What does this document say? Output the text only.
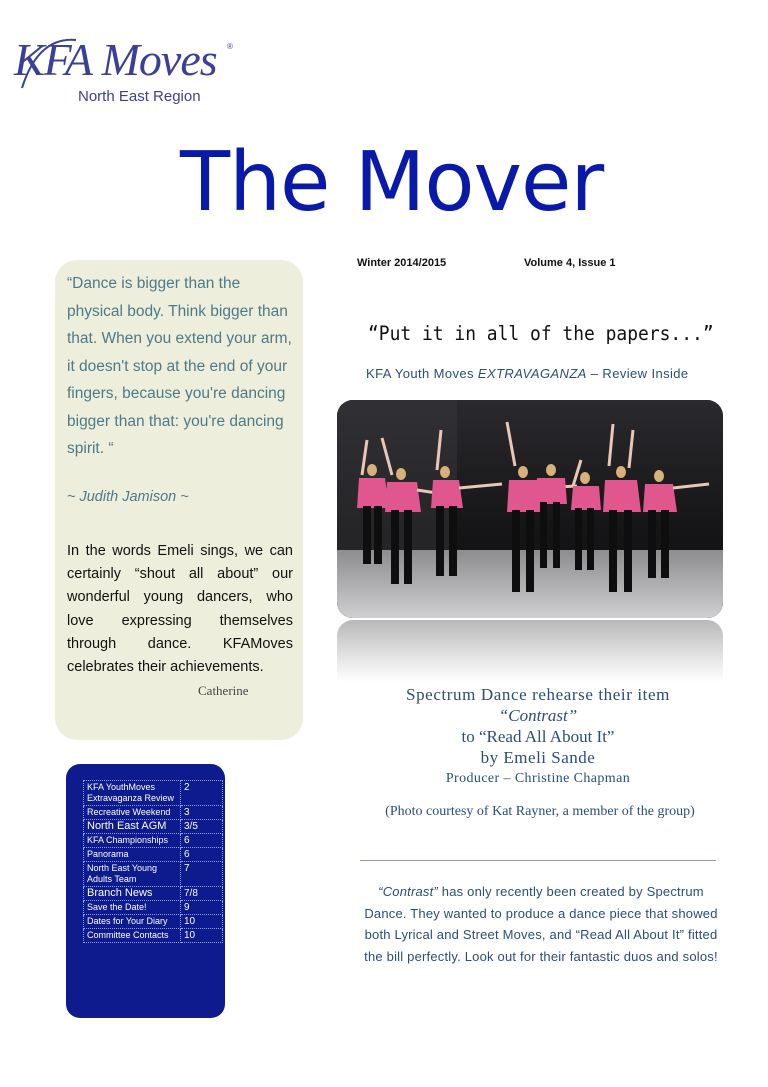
KFA Moves ®
North East Region
The Mover
Winter 2014/2015	Volume 4, Issue 1
“Dance is bigger than the physical body. Think bigger than that. When you extend your arm, it doesn't stop at the end of your fingers, because you're dancing bigger than that: you're dancing spirit. “
~ Judith Jamison ~
In the words Emeli sings, we can certainly “shout all about” our wonderful young dancers, who love expressing themselves through dance. KFAMoves celebrates their achievements.
Catherine
“Put it in all of the papers...”
KFA Youth Moves EXTRAVAGANZA – Review Inside
Spectrum Dance rehearse their item
“Contrast”
to “Read All About It”
by Emeli Sande
Producer – Christine Chapman
(Photo courtesy of Kat Rayner, a member of the group)
“Contrast” has only recently been created by Spectrum Dance. They wanted to produce a dance piece that showed both Lyrical and Street Moves, and “Read All About It” fitted the bill perfectly. Look out for their fantastic duos and solos!
KFA YouthMoves Extravaganza Review	2
Recreative Weekend	3
North East AGM	3/5
KFA Championships	6
Panorama	6
North East Young Adults Team	7
Branch News	7/8
Save the Date!	9
Dates for Your Diary	10
Committee Contacts	10
